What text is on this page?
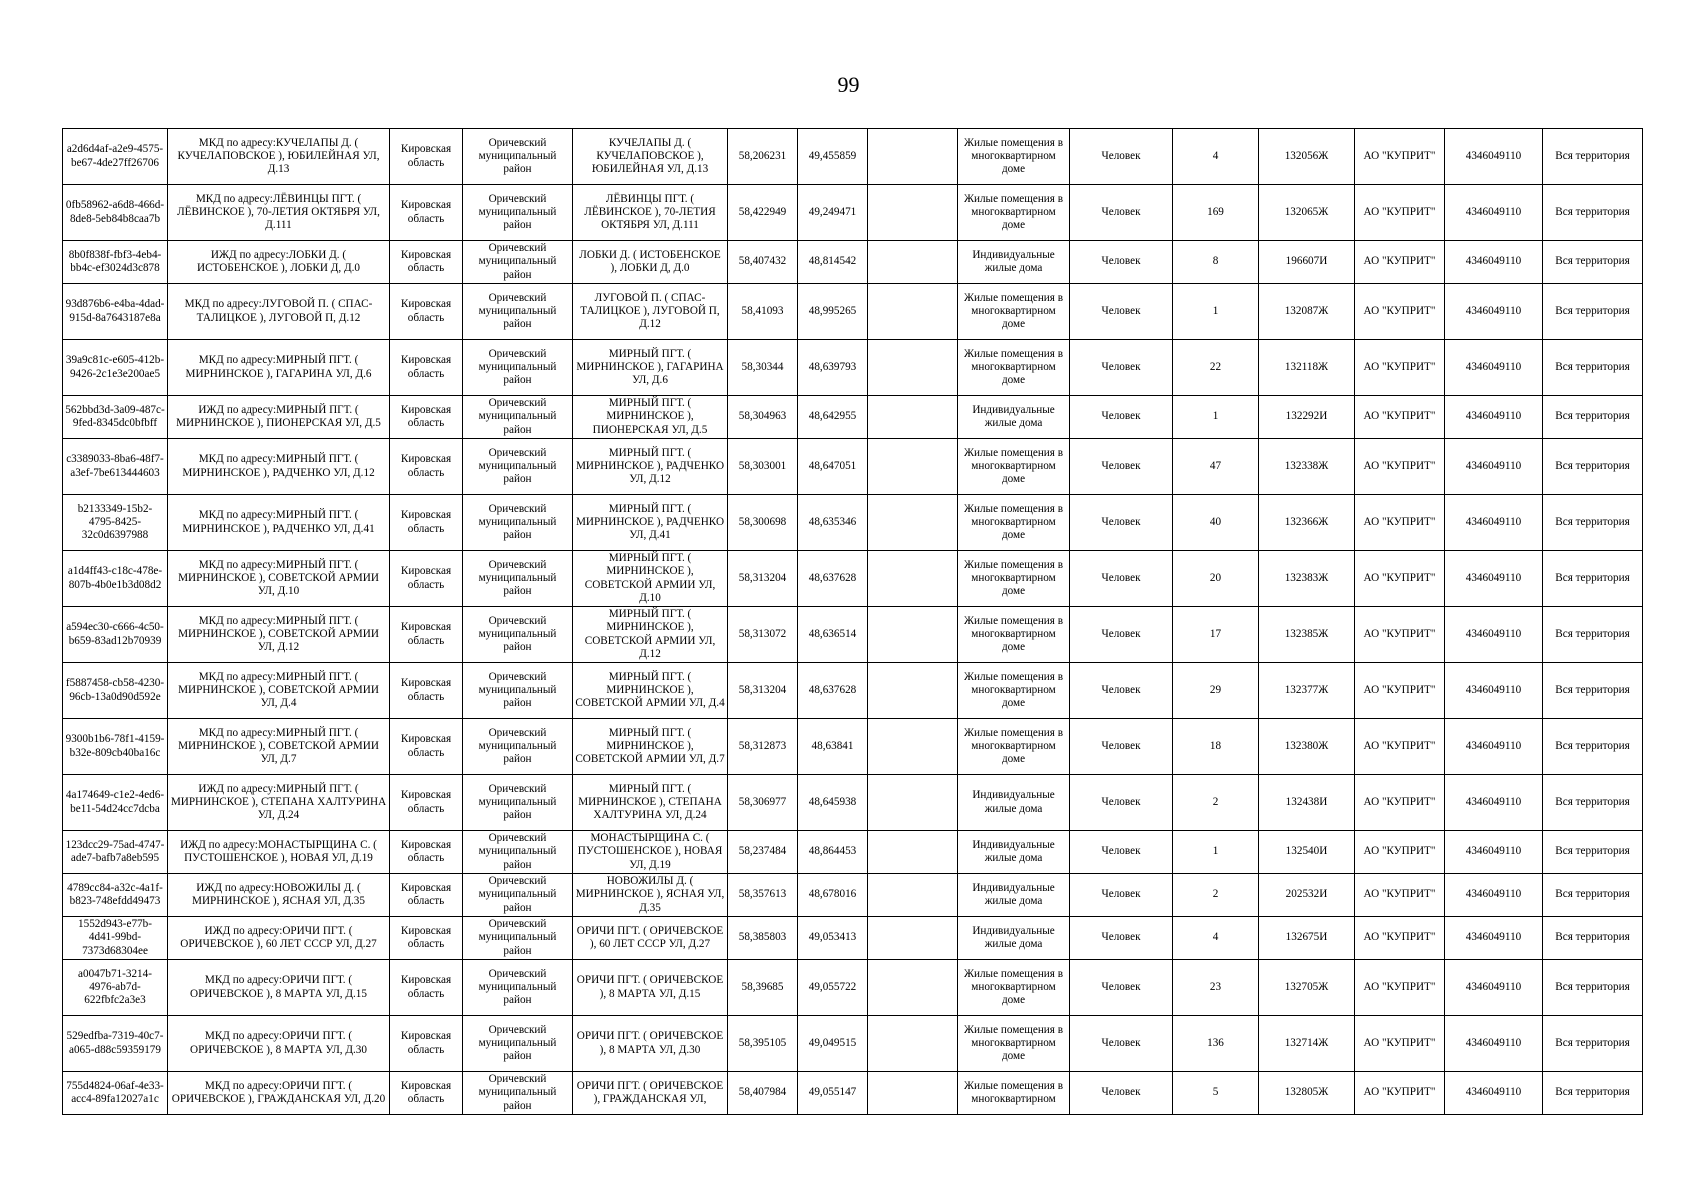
99
a2d6d4af-a2e9-4575-be67-4de27ff26706	МКД по адресу:КУЧЕЛАПЫ Д. ( КУЧЕЛАПОВСКОЕ ), ЮБИЛЕЙНАЯ УЛ, Д.13	Кировская область	Оричевский муниципальный район	КУЧЕЛАПЫ Д. ( КУЧЕЛАПОВСКОЕ ), ЮБИЛЕЙНАЯ УЛ, Д.13	58,206231	49,455859		Жилые помещения в многоквартирном доме	Человек	4	132056Ж	АО "КУПРИТ"	4346049110	Вся территория
0fb58962-a6d8-466d-8de8-5eb84b8caa7b	МКД по адресу:ЛЁВИНЦЫ ПГТ. ( ЛЁВИНСКОЕ ), 70-ЛЕТИЯ ОКТЯБРЯ УЛ, Д.111	Кировская область	Оричевский муниципальный район	ЛЁВИНЦЫ ПГТ. ( ЛЁВИНСКОЕ ), 70-ЛЕТИЯ ОКТЯБРЯ УЛ, Д.111	58,422949	49,249471		Жилые помещения в многоквартирном доме	Человек	169	132065Ж	АО "КУПРИТ"	4346049110	Вся территория
8b0f838f-fbf3-4eb4-bb4c-ef3024d3c878	ИЖД по адресу:ЛОБКИ Д. ( ИСТОБЕНСКОЕ ), ЛОБКИ Д, Д.0	Кировская область	Оричевский муниципальный район	ЛОБКИ Д. ( ИСТОБЕНСКОЕ ), ЛОБКИ Д, Д.0	58,407432	48,814542		Индивидуальные жилые дома	Человек	8	196607И	АО "КУПРИТ"	4346049110	Вся территория
93d876b6-e4ba-4dad-915d-8a7643187e8a	МКД по адресу:ЛУГОВОЙ П. ( СПАС-ТАЛИЦКОЕ ), ЛУГОВОЙ П, Д.12	Кировская область	Оричевский муниципальный район	ЛУГОВОЙ П. ( СПАС-ТАЛИЦКОЕ ), ЛУГОВОЙ П, Д.12	58,41093	48,995265		Жилые помещения в многоквартирном доме	Человек	1	132087Ж	АО "КУПРИТ"	4346049110	Вся территория
39a9c81c-e605-412b-9426-2c1e3e200ae5	МКД по адресу:МИРНЫЙ ПГТ. ( МИРНИНСКОЕ ), ГАГАРИНА УЛ, Д.6	Кировская область	Оричевский муниципальный район	МИРНЫЙ ПГТ. ( МИРНИНСКОЕ ), ГАГАРИНА УЛ, Д.6	58,30344	48,639793		Жилые помещения в многоквартирном доме	Человек	22	132118Ж	АО "КУПРИТ"	4346049110	Вся территория
562bbd3d-3a09-487c-9fed-8345dc0bfbff	ИЖД по адресу:МИРНЫЙ ПГТ. ( МИРНИНСКОЕ ), ПИОНЕРСКАЯ УЛ, Д.5	Кировская область	Оричевский муниципальный район	МИРНЫЙ ПГТ. ( МИРНИНСКОЕ ), ПИОНЕРСКАЯ УЛ, Д.5	58,304963	48,642955		Индивидуальные жилые дома	Человек	1	132292И	АО "КУПРИТ"	4346049110	Вся территория
c3389033-8ba6-48f7-a3ef-7be613444603	МКД по адресу:МИРНЫЙ ПГТ. ( МИРНИНСКОЕ ), РАДЧЕНКО УЛ, Д.12	Кировская область	Оричевский муниципальный район	МИРНЫЙ ПГТ. ( МИРНИНСКОЕ ), РАДЧЕНКО УЛ, Д.12	58,303001	48,647051		Жилые помещения в многоквартирном доме	Человек	47	132338Ж	АО "КУПРИТ"	4346049110	Вся территория
b2133349-15b2-4795-8425-32c0d6397988	МКД по адресу:МИРНЫЙ ПГТ. ( МИРНИНСКОЕ ), РАДЧЕНКО УЛ, Д.41	Кировская область	Оричевский муниципальный район	МИРНЫЙ ПГТ. ( МИРНИНСКОЕ ), РАДЧЕНКО УЛ, Д.41	58,300698	48,635346		Жилые помещения в многоквартирном доме	Человек	40	132366Ж	АО "КУПРИТ"	4346049110	Вся территория
a1d4ff43-c18c-478e-807b-4b0e1b3d08d2	МКД по адресу:МИРНЫЙ ПГТ. ( МИРНИНСКОЕ ), СОВЕТСКОЙ АРМИИ УЛ, Д.10	Кировская область	Оричевский муниципальный район	МИРНЫЙ ПГТ. ( МИРНИНСКОЕ ), СОВЕТСКОЙ АРМИИ УЛ, Д.10	58,313204	48,637628		Жилые помещения в многоквартирном доме	Человек	20	132383Ж	АО "КУПРИТ"	4346049110	Вся территория
a594ec30-c666-4c50-b659-83ad12b70939	МКД по адресу:МИРНЫЙ ПГТ. ( МИРНИНСКОЕ ), СОВЕТСКОЙ АРМИИ УЛ, Д.12	Кировская область	Оричевский муниципальный район	МИРНЫЙ ПГТ. ( МИРНИНСКОЕ ), СОВЕТСКОЙ АРМИИ УЛ, Д.12	58,313072	48,636514		Жилые помещения в многоквартирном доме	Человек	17	132385Ж	АО "КУПРИТ"	4346049110	Вся территория
f5887458-cb58-4230-96cb-13a0d90d592e	МКД по адресу:МИРНЫЙ ПГТ. ( МИРНИНСКОЕ ), СОВЕТСКОЙ АРМИИ УЛ, Д.4	Кировская область	Оричевский муниципальный район	МИРНЫЙ ПГТ. ( МИРНИНСКОЕ ), СОВЕТСКОЙ АРМИИ УЛ, Д.4	58,313204	48,637628		Жилые помещения в многоквартирном доме	Человек	29	132377Ж	АО "КУПРИТ"	4346049110	Вся территория
9300b1b6-78f1-4159-b32e-809cb40ba16c	МКД по адресу:МИРНЫЙ ПГТ. ( МИРНИНСКОЕ ), СОВЕТСКОЙ АРМИИ УЛ, Д.7	Кировская область	Оричевский муниципальный район	МИРНЫЙ ПГТ. ( МИРНИНСКОЕ ), СОВЕТСКОЙ АРМИИ УЛ, Д.7	58,312873	48,63841		Жилые помещения в многоквартирном доме	Человек	18	132380Ж	АО "КУПРИТ"	4346049110	Вся территория
4a174649-c1e2-4ed6-be11-54d24cc7dcba	ИЖД по адресу:МИРНЫЙ ПГТ. ( МИРНИНСКОЕ ), СТЕПАНА ХАЛТУРИНА УЛ, Д.24	Кировская область	Оричевский муниципальный район	МИРНЫЙ ПГТ. ( МИРНИНСКОЕ ), СТЕПАНА ХАЛТУРИНА УЛ, Д.24	58,306977	48,645938		Индивидуальные жилые дома	Человек	2	132438И	АО "КУПРИТ"	4346049110	Вся территория
123dcc29-75ad-4747-ade7-bafb7a8eb595	ИЖД по адресу:МОНАСТЫРЩИНА С. ( ПУСТОШЕНСКОЕ ), НОВАЯ УЛ, Д.19	Кировская область	Оричевский муниципальный район	МОНАСТЫРЩИНА С. ( ПУСТОШЕНСКОЕ ), НОВАЯ УЛ, Д.19	58,237484	48,864453		Индивидуальные жилые дома	Человек	1	132540И	АО "КУПРИТ"	4346049110	Вся территория
4789cc84-a32c-4a1f-b823-748efdd49473	ИЖД по адресу:НОВОЖИЛЫ Д. ( МИРНИНСКОЕ ), ЯСНАЯ УЛ, Д.35	Кировская область	Оричевский муниципальный район	НОВОЖИЛЫ Д. ( МИРНИНСКОЕ ), ЯСНАЯ УЛ, Д.35	58,357613	48,678016		Индивидуальные жилые дома	Человек	2	202532И	АО "КУПРИТ"	4346049110	Вся территория
1552d943-e77b-4d41-99bd-7373d68304ee	ИЖД по адресу:ОРИЧИ ПГТ. ( ОРИЧЕВСКОЕ ), 60 ЛЕТ СССР УЛ, Д.27	Кировская область	Оричевский муниципальный район	ОРИЧИ ПГТ. ( ОРИЧЕВСКОЕ ), 60 ЛЕТ СССР УЛ, Д.27	58,385803	49,053413		Индивидуальные жилые дома	Человек	4	132675И	АО "КУПРИТ"	4346049110	Вся территория
a0047b71-3214-4976-ab7d-622fbfc2a3e3	МКД по адресу:ОРИЧИ ПГТ. ( ОРИЧЕВСКОЕ ), 8 МАРТА УЛ, Д.15	Кировская область	Оричевский муниципальный район	ОРИЧИ ПГТ. ( ОРИЧЕВСКОЕ ), 8 МАРТА УЛ, Д.15	58,39685	49,055722		Жилые помещения в многоквартирном доме	Человек	23	132705Ж	АО "КУПРИТ"	4346049110	Вся территория
529edfba-7319-40c7-a065-d88c59359179	МКД по адресу:ОРИЧИ ПГТ. ( ОРИЧЕВСКОЕ ), 8 МАРТА УЛ, Д.30	Кировская область	Оричевский муниципальный район	ОРИЧИ ПГТ. ( ОРИЧЕВСКОЕ ), 8 МАРТА УЛ, Д.30	58,395105	49,049515		Жилые помещения в многоквартирном доме	Человек	136	132714Ж	АО "КУПРИТ"	4346049110	Вся территория
755d4824-06af-4e33-acc4-89fa12027a1c	МКД по адресу:ОРИЧИ ПГТ. ( ОРИЧЕВСКОЕ ), ГРАЖДАНСКАЯ УЛ, Д.20	Кировская область	Оричевский муниципальный район	ОРИЧИ ПГТ. ( ОРИЧЕВСКОЕ ), ГРАЖДАНСКАЯ УЛ,	58,407984	49,055147		Жилые помещения в многоквартирном	Человек	5	132805Ж	АО "КУПРИТ"	4346049110	Вся территория
